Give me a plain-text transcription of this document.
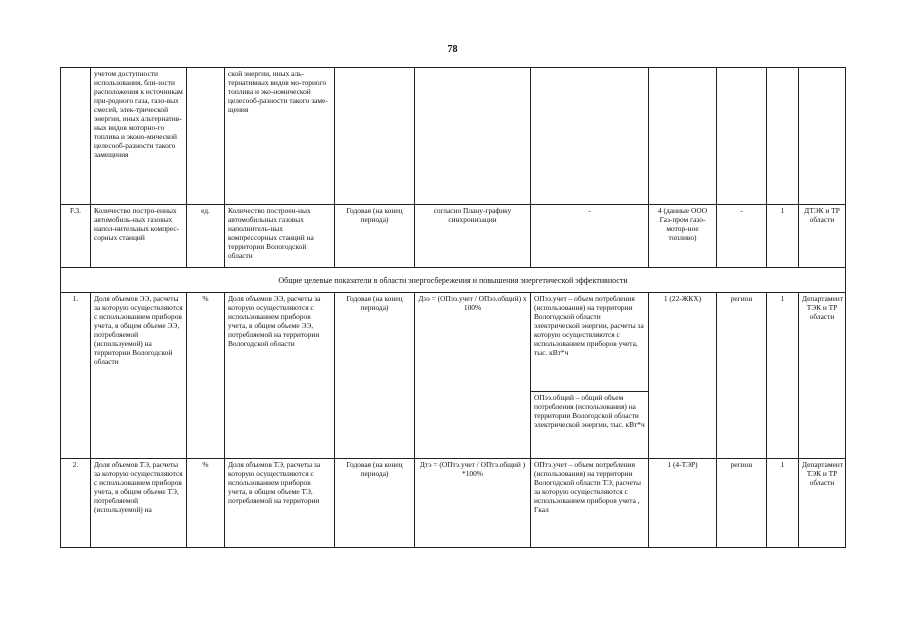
78
	учетом доступности использования, бли-зости расположения к источникам при-родного газа, газо-вых смесей, элек-трической энергии, иных альтернатив-ных видов моторно-го топлива и эконо-мической целесооб-разности такого замещения		ской энергии, иных аль-тернативных видов мо-торного топлива и эко-номической целесооб-разности такого заме-щения							
F.3.	Количество постро-енных автомобиль-ных газовых напол-нительных компрес-сорных станций	ед.	Количество построен-ных автомобильных газовых наполнитель-ных компрессорных станций на территории Вологодской области	Годовая (на конец периода)	согласно Плану-графику синхронизации	-	4 (данные ООО Газ-пром газо-мотор-ное топливо)	-	1	ДТЭК и ТР области
Общие целевые показатели в области энергосбережения и повышения энергетической эффективности										
1.	Доля объемов ЭЭ, расчеты за которую осуществляются с использованием приборов учета, в общем объеме ЭЭ, потребляемой (используемой) на территории Вологодской области	%	Доля объемов ЭЭ, расчеты за которую осуществляются с использованием приборов учета, в общем объеме ЭЭ, потребляемой на территории Вологодской области	Годовая (на конец периода)	Дээ = (ОПээ.учет / ОПээ.общий) х 100%	ОПээ.учет – объем потребления (использования) на территории Вологодской области электрической энергии, расчеты за которую осуществляются с использованием приборов учета, тыс. кВт*ч	1 (22-ЖКХ)	регион	1	Департамент ТЭК и ТР области
						ОПээ.общий – общий объем потребления (использования) на территории Вологодской области электрической энергии, тыс. кВт*ч				
2.	Доля объемов ТЭ, расчеты за которую осуществляются с использованием приборов учета, в общем объеме ТЭ, потребляемой (используемой) на	%	Доля объемов ТЭ, расчеты за которую осуществляются с использованием приборов учета, в общем объеме ТЭ, потребляемой на территории	Годовая (на конец периода)	Дтэ = (ОПтэ.учет / ОПтэ.общий ) *100%	ОПтэ.учет – объем потребления (использования) на территории Вологодской области ТЭ, расчеты за которую осуществляются с использованием приборов учета , Гкал	1 (4-ТЭР)	регион	1	Департамент ТЭК и ТР области
